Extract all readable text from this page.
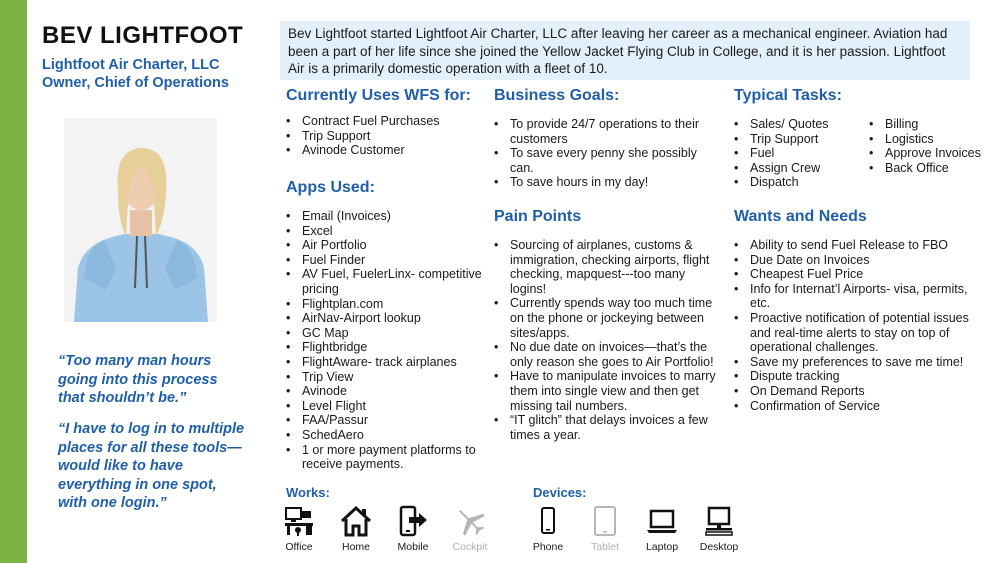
BEV LIGHTFOOT
Lightfoot Air Charter, LLC
Owner, Chief of Operations
“Too many man hours going into this process that shouldn’t be.”
“I have to log in to multiple places for all these tools—would like to have everything in one spot, with one login.”
Bev Lightfoot started Lightfoot Air Charter, LLC after leaving her career as a mechanical engineer. Aviation had been a part of her life since she joined the Yellow Jacket Flying Club in College, and it is her passion. Lightfoot Air is a primarily domestic operation with a fleet of 10.
Currently Uses WFS for:
• Contract Fuel Purchases
• Trip Support
• Avinode Customer
Apps Used:
• Email (Invoices)
• Excel
• Air Portfolio
• Fuel Finder
• AV Fuel, FuelerLinx- competitive pricing
• Flightplan.com
• AirNav-Airport lookup
• GC Map
• Flightbridge
• FlightAware- track airplanes
• Trip View
• Avinode
• Level Flight
• FAA/Passur
• SchedAero
• 1 or more payment platforms to receive payments.
Business Goals:
• To provide 24/7 operations to their customers
• To save every penny she possibly can.
• To save hours in my day!
Pain Points
• Sourcing of airplanes, customs & immigration, checking airports, flight checking, mapquest---too many logins!
• Currently spends way too much time on the phone or jockeying between sites/apps.
• No due date on invoices—that’s the only reason she goes to Air Portfolio!
• Have to manipulate invoices to marry them into single view and then get missing tail numbers.
• “IT glitch” that delays invoices a few times a year.
Typical Tasks:
• Sales/ Quotes
• Trip Support
• Fuel
• Assign Crew
• Dispatch
• Billing
• Logistics
• Approve Invoices
• Back Office
Wants and Needs
• Ability to send Fuel Release to FBO
• Due Date on Invoices
• Cheapest Fuel Price
• Info for Internat’l Airports- visa, permits, etc.
• Proactive notification of potential issues and real-time alerts to stay on top of operational challenges.
• Save my preferences to save me time!
• Dispute tracking
• On Demand Reports
• Confirmation of Service
Works:
Office	Home	Mobile	Cockpit
Devices:
Phone	Tablet	Laptop	Desktop
